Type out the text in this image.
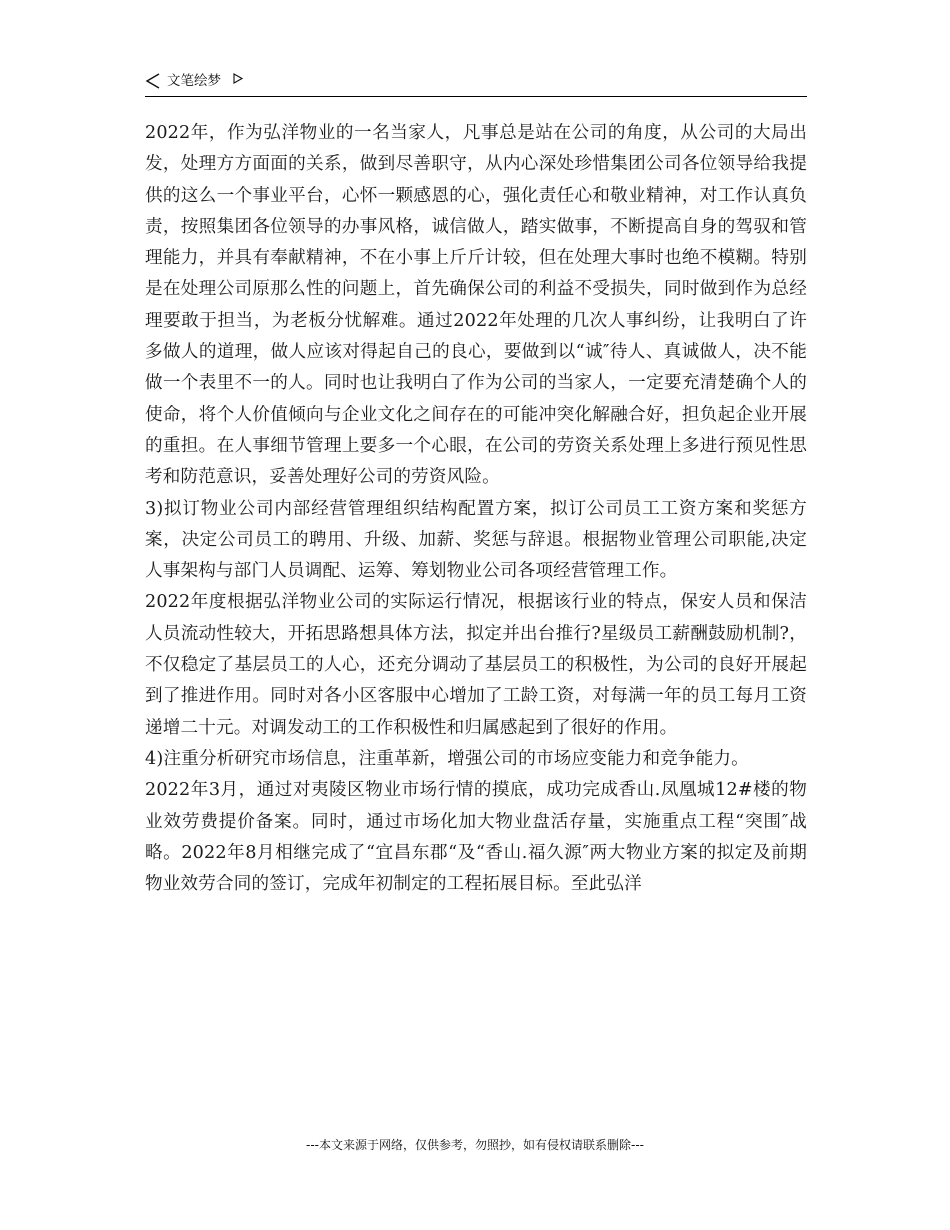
文笔绘梦

2022年，作为弘洋物业的一名当家人，凡事总是站在公司的角度，从公司的大局出发，处理方方面面的关系，做到尽善职守，从内心深处珍惜集团公司各位领导给我提供的这么一个事业平台，心怀一颗感恩的心，强化责任心和敬业精神，对工作认真负责，按照集团各位领导的办事风格，诚信做人，踏实做事，不断提高自身的驾驭和管理能力，并具有奉献精神，不在小事上斤斤计较，但在处理大事时也绝不模糊。特别是在处理公司原那么性的问题上，首先确保公司的利益不受损失，同时做到作为总经理要敢于担当，为老板分忧解难。通过2022年处理的几次人事纠纷，让我明白了许多做人的道理，做人应该对得起自己的良心，要做到以“诚″待人、真诚做人，决不能做一个表里不一的人。同时也让我明白了作为公司的当家人，一定要充清楚确个人的使命，将个人价值倾向与企业文化之间存在的可能冲突化解融合好，担负起企业开展的重担。在人事细节管理上要多一个心眼，在公司的劳资关系处理上多进行预见性思考和防范意识，妥善处理好公司的劳资风险。

3)拟订物业公司内部经营管理组织结构配置方案，拟订公司员工工资方案和奖惩方案，决定公司员工的聘用、升级、加薪、奖惩与辞退。根据物业管理公司职能,决定人事架构与部门人员调配、运筹、筹划物业公司各项经营管理工作。

2022年度根据弘洋物业公司的实际运行情况，根据该行业的特点，保安人员和保洁人员流动性较大，开拓思路想具体方法，拟定并出台推行?星级员工薪酬鼓励机制?，不仅稳定了基层员工的人心，还充分调动了基层员工的积极性，为公司的良好开展起到了推进作用。同时对各小区客服中心增加了工龄工资，对每满一年的员工每月工资递增二十元。对调发动工的工作积极性和归属感起到了很好的作用。

4)注重分析研究市场信息，注重革新，增强公司的市场应变能力和竞争能力。

2022年3月，通过对夷陵区物业市场行情的摸底，成功完成香山.凤凰城12#楼的物业效劳费提价备案。同时，通过市场化加大物业盘活存量，实施重点工程“突围″战略。2022年8月相继完成了“宜昌东郡“及“香山.福久源″两大物业方案的拟定及前期物业效劳合同的签订，完成年初制定的工程拓展目标。至此弘洋

---本文来源于网络，仅供参考，勿照抄，如有侵权请联系删除---
